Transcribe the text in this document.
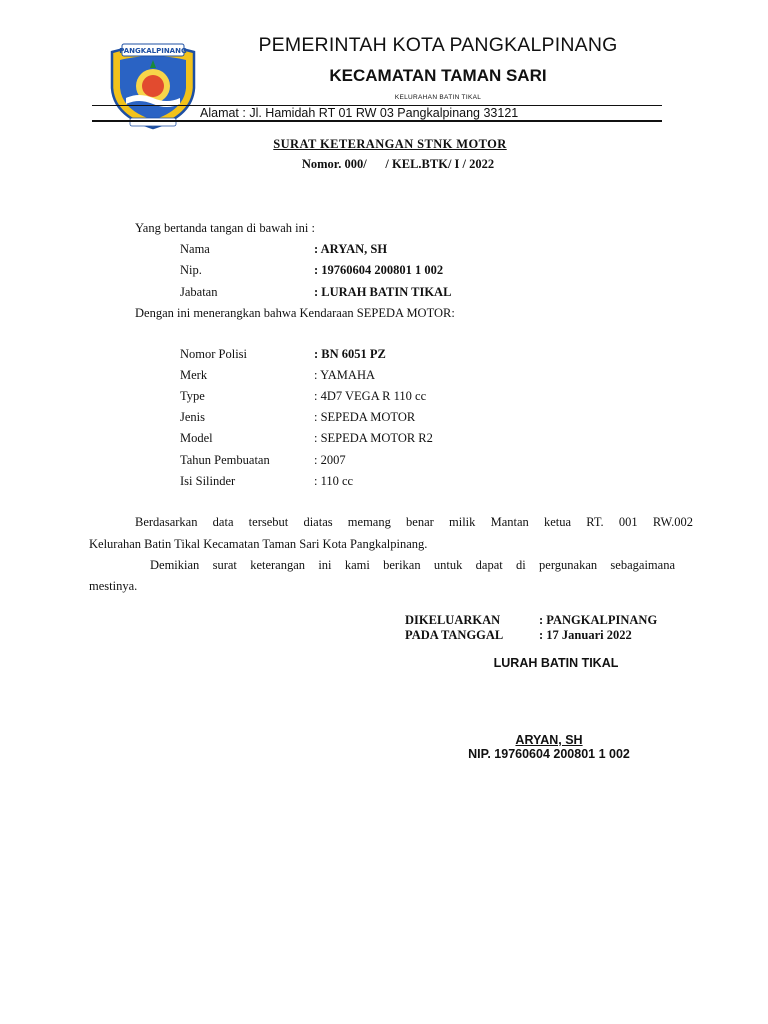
PANGKALPINANG	PEMERINTAH KOTA PANGKALPINANG
KECAMATAN TAMAN SARI
KELURAHAN BATIN TIKAL
Alamat : Jl. Hamidah RT 01 RW 03 Pangkalpinang 33121
SURAT KETERANGAN STNK MOTOR
Nomor. 000/      / KEL.BTK/ I / 2022
Yang bertanda tangan di bawah ini :
Nama	: ARYAN, SH
Nip.	: 19760604 200801 1 002
Jabatan	: LURAH BATIN TIKAL
Dengan ini menerangkan bahwa Kendaraan SEPEDA MOTOR:
Nomor Polisi	: BN 6051 PZ
Merk	: YAMAHA
Type	: 4D7 VEGA R 110 cc
Jenis	: SEPEDA MOTOR
Model	: SEPEDA MOTOR R2
Tahun Pembuatan	: 2007
Isi Silinder	: 110 cc
Berdasarkan data tersebut diatas memang benar milik Mantan ketua RT. 001 RW.002
Kelurahan Batin Tikal Kecamatan Taman Sari Kota Pangkalpinang.
Demikian surat keterangan ini kami berikan untuk dapat di pergunakan sebagaimana
mestinya.
DIKELUARKAN	: PANGKALPINANG
PADA TANGGAL	: 17 Januari 2022
LURAH BATIN TIKAL
ARYAN, SH
NIP. 19760604 200801 1 002
